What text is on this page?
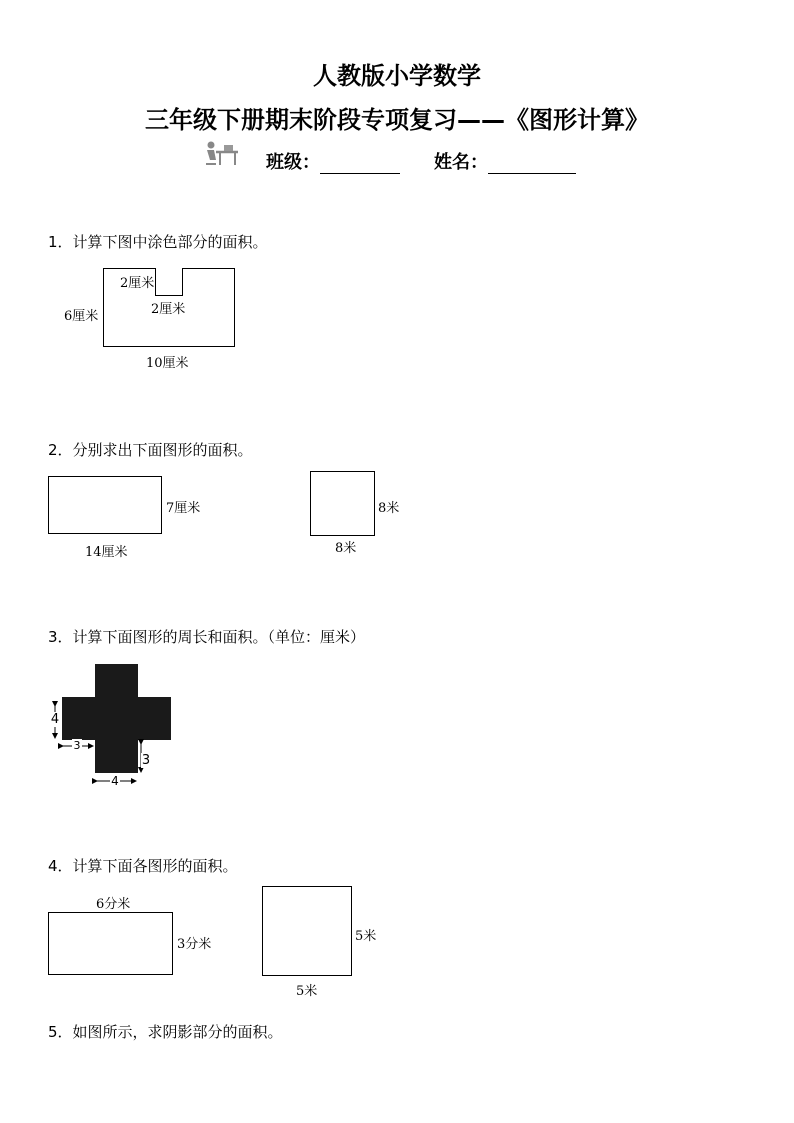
人教版小学数学
三年级下册期末阶段专项复习——《图形计算》
班级：	姓名：
1．计算下图中涂色部分的面积。
2厘米
2厘米
6厘米
10厘米
2．分别求出下面图形的面积。
7厘米
14厘米
8米
8米
3．计算下面图形的周长和面积。（单位：厘米）
4
3
3
4
4．计算下面各图形的面积。
6分米
3分米
5米
5米
5．如图所示，求阴影部分的面积。
